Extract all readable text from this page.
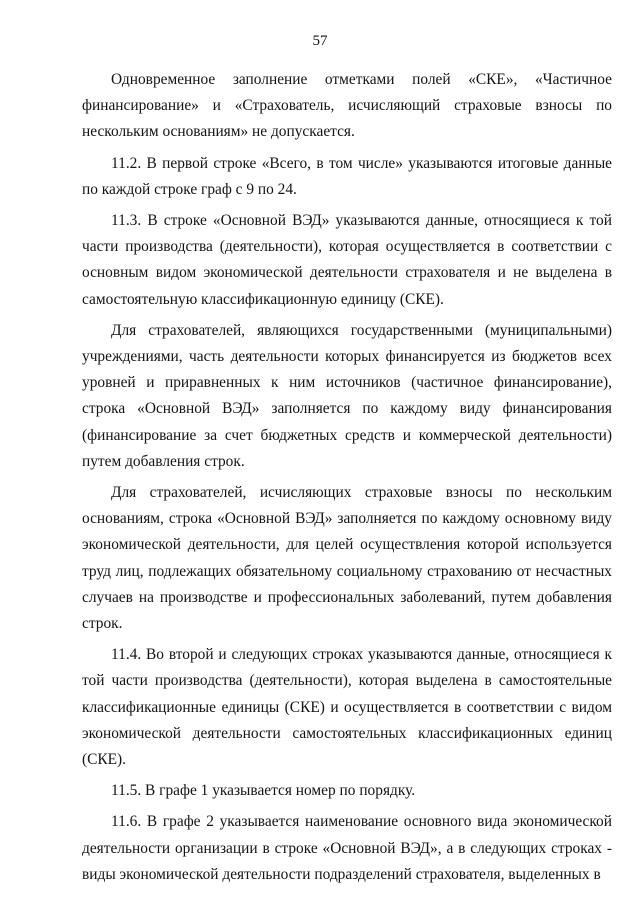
57

Одновременное заполнение отметками полей «СКЕ», «Частичное финансирование» и «Страхователь, исчисляющий страховые взносы по нескольким основаниям» не допускается.

11.2. В первой строке «Всего, в том числе» указываются итоговые данные по каждой строке граф с 9 по 24.

11.3. В строке «Основной ВЭД» указываются данные, относящиеся к той части производства (деятельности), которая осуществляется в соответствии с основным видом экономической деятельности страхователя и не выделена в самостоятельную классификационную единицу (СКЕ).

Для страхователей, являющихся государственными (муниципальными) учреждениями, часть деятельности которых финансируется из бюджетов всех уровней и приравненных к ним источников (частичное финансирование), строка «Основной ВЭД» заполняется по каждому виду финансирования (финансирование за счет бюджетных средств и коммерческой деятельности) путем добавления строк.

Для страхователей, исчисляющих страховые взносы по нескольким основаниям, строка «Основной ВЭД» заполняется по каждому основному виду экономической деятельности, для целей осуществления которой используется труд лиц, подлежащих обязательному социальному страхованию от несчастных случаев на производстве и профессиональных заболеваний, путем добавления строк.

11.4. Во второй и следующих строках указываются данные, относящиеся к той части производства (деятельности), которая выделена в самостоятельные классификационные единицы (СКЕ) и осуществляется в соответствии с видом экономической деятельности самостоятельных классификационных единиц (СКЕ).

11.5. В графе 1 указывается номер по порядку.

11.6. В графе 2 указывается наименование основного вида экономической деятельности организации в строке «Основной ВЭД», а в следующих строках - виды экономической деятельности подразделений страхователя, выделенных в
